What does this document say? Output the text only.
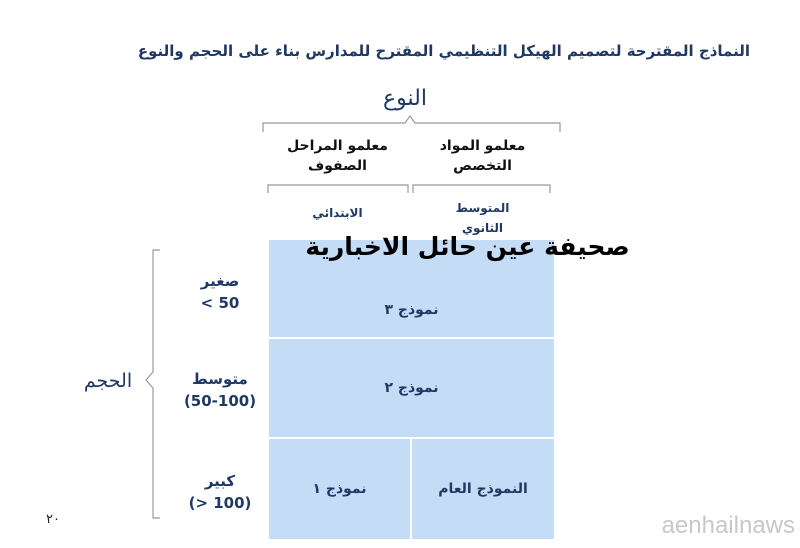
النماذج المقترحة لتصميم الهيكل التنظيمي المقترح للمدارس بناء على الحجم والنوع
النوع
معلمو المواد
التخصص
معلمو المراحل
الصفوف
المتوسط
الثانوي
الابتدائي
الحجم
صغير
< 50
متوسط
(50-100)
كبير
(> 100)
نموذج ٣
نموذج ٢
نموذج ١	النموذج العام
صحيفة عين حائل الاخبارية
٢٠	aenhailnaws
